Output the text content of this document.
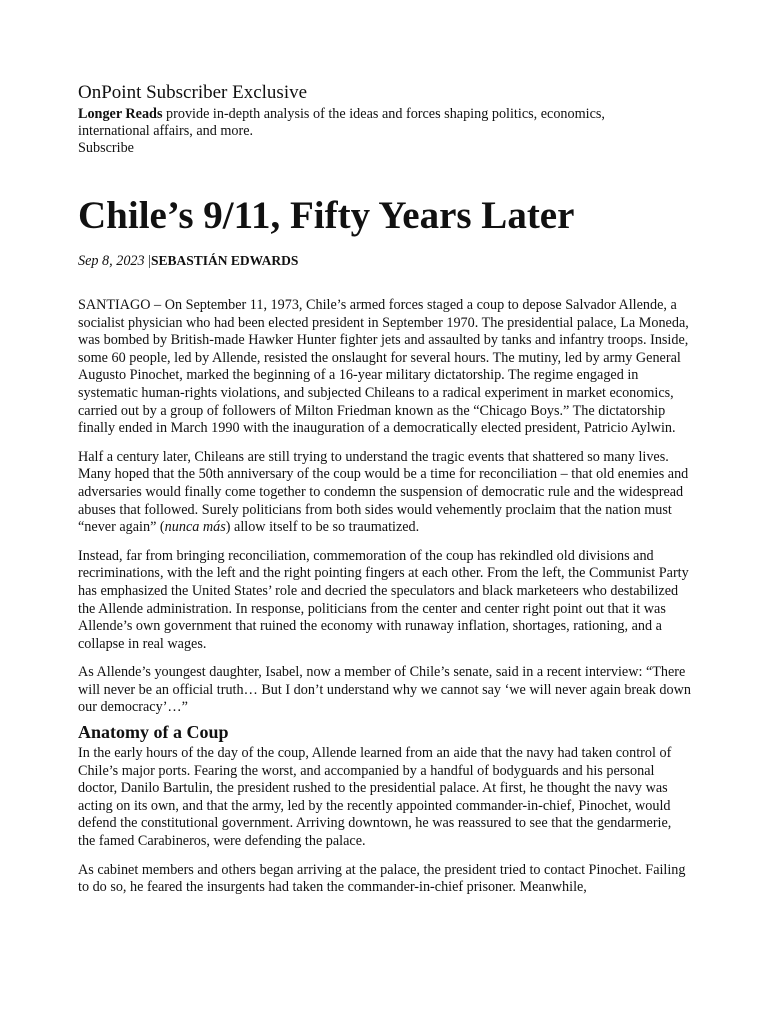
OnPoint Subscriber Exclusive

Longer Reads provide in-depth analysis of the ideas and forces shaping politics, economics, international affairs, and more.

Subscribe
Chile’s 9/11, Fifty Years Later
Sep 8, 2023 |SEBASTIÁN EDWARDS

SANTIAGO – On September 11, 1973, Chile’s armed forces staged a coup to depose Salvador Allende, a socialist physician who had been elected president in September 1970. The presidential palace, La Moneda, was bombed by British-made Hawker Hunter fighter jets and assaulted by tanks and infantry troops. Inside, some 60 people, led by Allende, resisted the onslaught for several hours. The mutiny, led by army General Augusto Pinochet, marked the beginning of a 16-year military dictatorship. The regime engaged in systematic human-rights violations, and subjected Chileans to a radical experiment in market economics, carried out by a group of followers of Milton Friedman known as the “Chicago Boys.” The dictatorship finally ended in March 1990 with the inauguration of a democratically elected president, Patricio Aylwin.

Half a century later, Chileans are still trying to understand the tragic events that shattered so many lives. Many hoped that the 50th anniversary of the coup would be a time for reconciliation – that old enemies and adversaries would finally come together to condemn the suspension of democratic rule and the widespread abuses that followed. Surely politicians from both sides would vehemently proclaim that the nation must “never again” (nunca más) allow itself to be so traumatized.

Instead, far from bringing reconciliation, commemoration of the coup has rekindled old divisions and recriminations, with the left and the right pointing fingers at each other. From the left, the Communist Party has emphasized the United States’ role and decried the speculators and black marketeers who destabilized the Allende administration. In response, politicians from the center and center right point out that it was Allende’s own government that ruined the economy with runaway inflation, shortages, rationing, and a collapse in real wages.

As Allende’s youngest daughter, Isabel, now a member of Chile’s senate, said in a recent interview: “There will never be an official truth… But I don’t understand why we cannot say ‘we will never again break down our democracy’…”

Anatomy of a Coup

In the early hours of the day of the coup, Allende learned from an aide that the navy had taken control of Chile’s major ports. Fearing the worst, and accompanied by a handful of bodyguards and his personal doctor, Danilo Bartulin, the president rushed to the presidential palace. At first, he thought the navy was acting on its own, and that the army, led by the recently appointed commander-in-chief, Pinochet, would defend the constitutional government. Arriving downtown, he was reassured to see that the gendarmerie, the famed Carabineros, were defending the palace.

As cabinet members and others began arriving at the palace, the president tried to contact Pinochet. Failing to do so, he feared the insurgents had taken the commander-in-chief prisoner. Meanwhile,
